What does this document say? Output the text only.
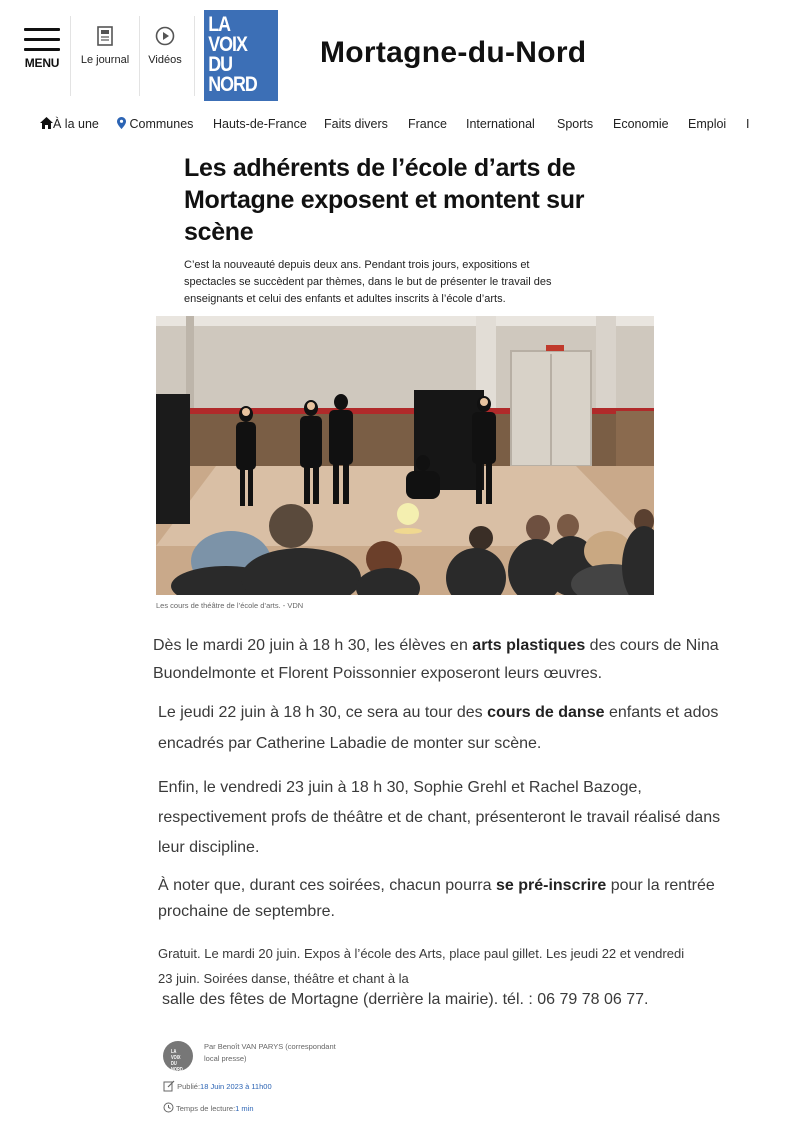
MENU Le journal Vidéos
LA
VOIX
DU
NORD
Mortagne-du-Nord
À la une	Communes Hauts-de-France Faits divers France International Sports Economie Emploi I
Les adhérents de l’école d’arts de Mortagne exposent et montent sur scène

C’est la nouveauté depuis deux ans. Pendant trois jours, expositions et spectacles se succèdent par thèmes, dans le but de présenter le travail des enseignants et celui des enfants et adultes inscrits à l’école d’arts.

Les cours de théâtre de l’école d’arts. - VDN

Dès le mardi 20 juin à 18 h 30, les élèves en arts plastiques des cours de Nina Buondelmonte et Florent Poissonnier exposeront leurs œuvres.

Le jeudi 22 juin à 18 h 30, ce sera au tour des cours de danse enfants et ados encadrés par Catherine Labadie de monter sur scène.

Enfin, le vendredi 23 juin à 18 h 30, Sophie Grehl et Rachel Bazoge, respectivement profs de théâtre et de chant, présenteront le travail réalisé dans leur discipline.

À noter que, durant ces soirées, chacun pourra se pré-inscrire pour la rentrée prochaine de septembre.

Gratuit. Le mardi 20 juin. Expos à l’école des Arts, place paul gillet. Les jeudi 22 et vendredi
23 juin. Soirées danse, théâtre et chant à la
salle des fêtes de Mortagne (derrière la mairie). tél. : 06 79 78 06 77.
LA
VOIX
DU
NORD
Par Benoît VAN PARYS (correspondant
local presse)
Publié:18 Juin 2023 à 11h00
Temps de lecture:1 min
